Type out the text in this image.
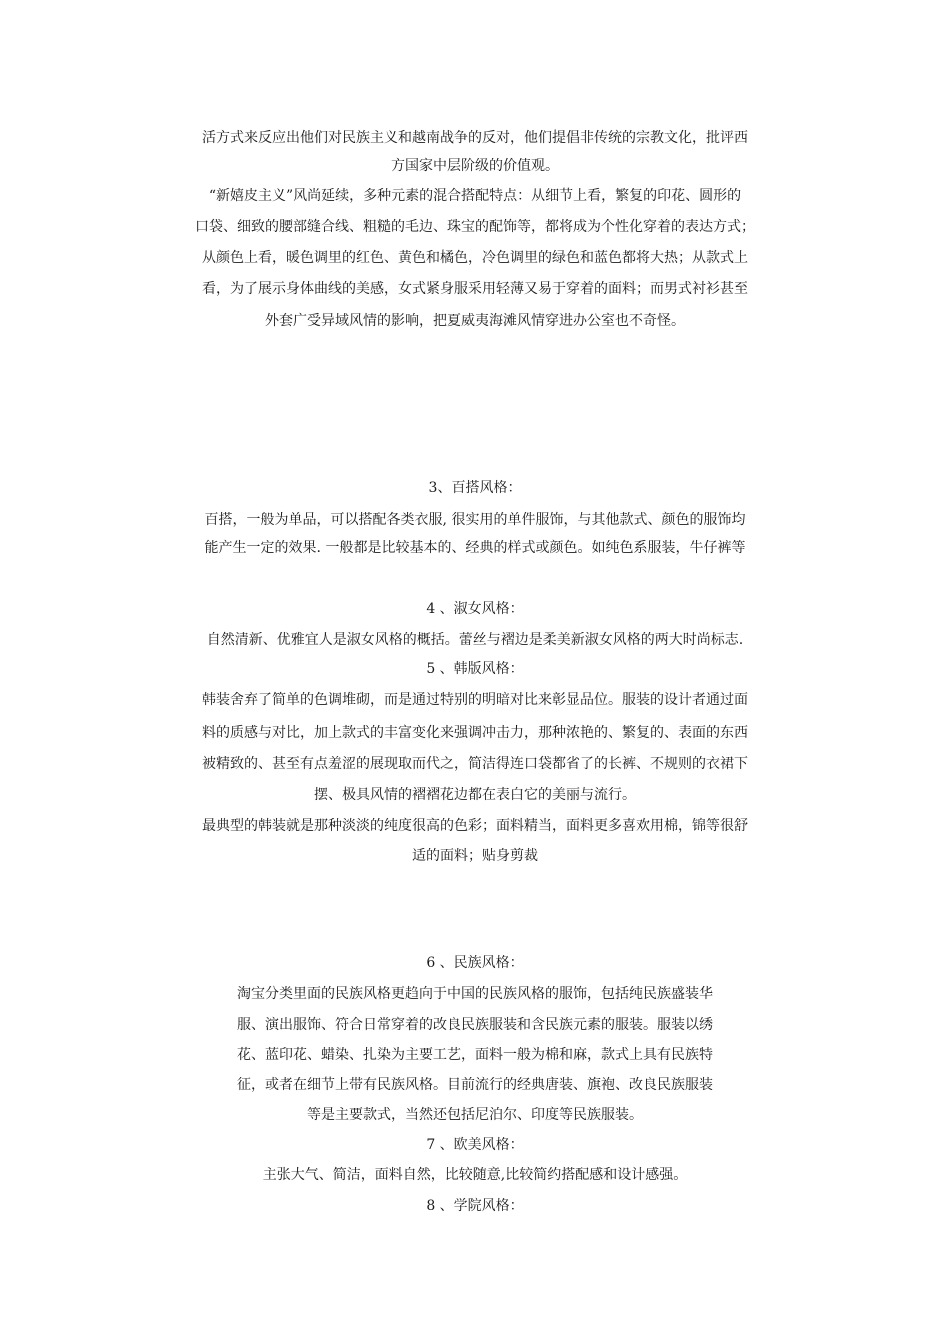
活方式来反应出他们对民族主义和越南战争的反对，他们提倡非传统的宗教文化，批评西
方国家中层阶级的价值观。
“新嬉皮主义”风尚延续，多种元素的混合搭配特点：从细节上看，繁复的印花、圆形的
口袋、细致的腰部缝合线、粗糙的毛边、珠宝的配饰等，都将成为个性化穿着的表达方式；
从颜色上看，暖色调里的红色、黄色和橘色，冷色调里的绿色和蓝色都将大热；从款式上
看，为了展示身体曲线的美感，女式紧身服采用轻薄又易于穿着的面料；而男式衬衫甚至
外套广受异域风情的影响，把夏威夷海滩风情穿进办公室也不奇怪。
3、百搭风格：
百搭，一般为单品，可以搭配各类衣服, 很实用的单件服饰，与其他款式、颜色的服饰均
能产生一定的效果. 一般都是比较基本的、经典的样式或颜色。如纯色系服装，牛仔裤等
4 、淑女风格：
自然清新、优雅宜人是淑女风格的概括。蕾丝与褶边是柔美新淑女风格的两大时尚标志.
5 、韩版风格：
韩装舍弃了简单的色调堆砌，而是通过特别的明暗对比来彰显品位。服装的设计者通过面
料的质感与对比，加上款式的丰富变化来强调冲击力，那种浓艳的、繁复的、表面的东西
被精致的、甚至有点羞涩的展现取而代之，简洁得连口袋都省了的长裤、不规则的衣裙下
摆、极具风情的褶褶花边都在表白它的美丽与流行。
最典型的韩装就是那种淡淡的纯度很高的色彩；面料精当，面料更多喜欢用棉，锦等很舒
适的面料；贴身剪裁
6 、民族风格：
淘宝分类里面的民族风格更趋向于中国的民族风格的服饰，包括纯民族盛装华
服、演出服饰、符合日常穿着的改良民族服装和含民族元素的服装。服装以绣
花、蓝印花、蜡染、扎染为主要工艺，面料一般为棉和麻，款式上具有民族特
征，或者在细节上带有民族风格。目前流行的经典唐装、旗袍、改良民族服装
等是主要款式，当然还包括尼泊尔、印度等民族服装。
7 、欧美风格：
主张大气、简洁，面料自然，比较随意,比较简约搭配感和设计感强。
8 、学院风格：
